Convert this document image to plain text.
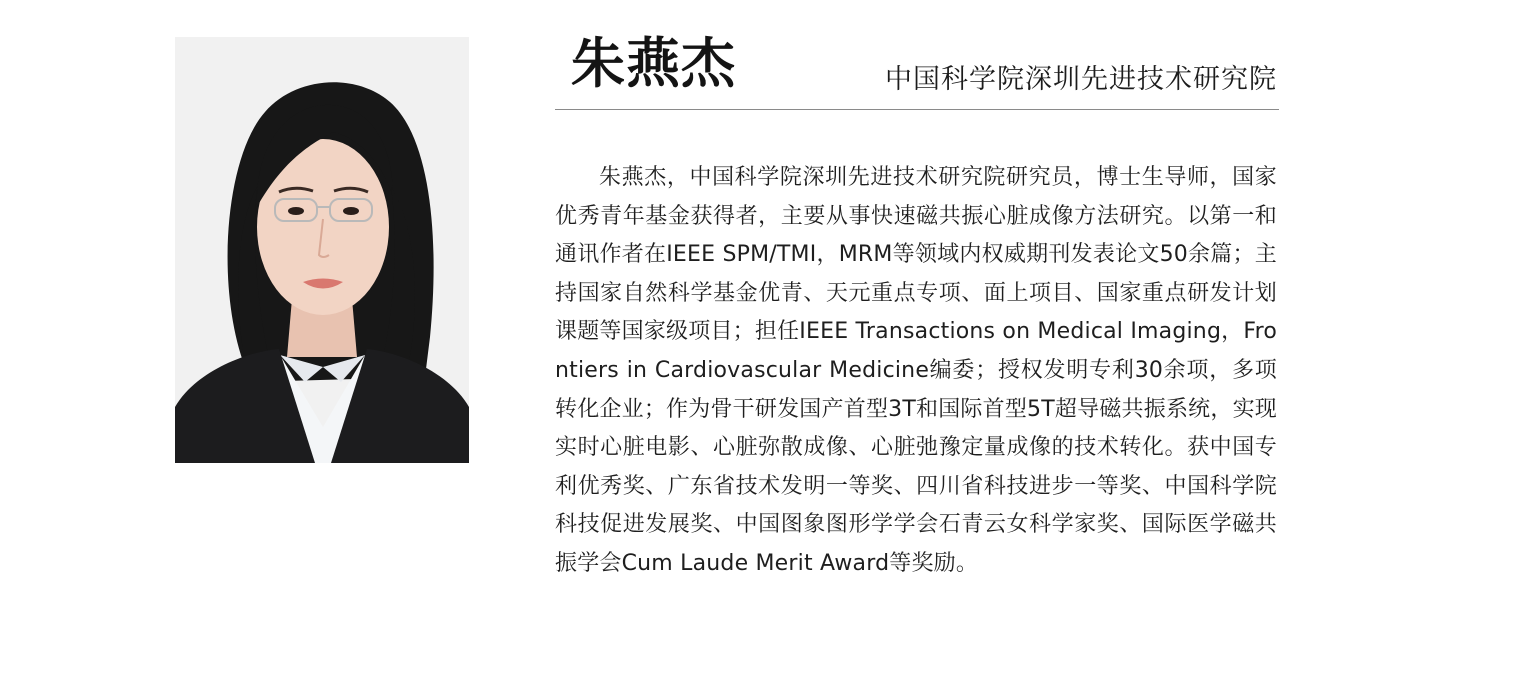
朱燕杰	中国科学院深圳先进技术研究院

朱燕杰，中国科学院深圳先进技术研究院研究员，博士生导师，国家优秀青年基金获得者，主要从事快速磁共振心脏成像方法研究。以第一和通讯作者在IEEE SPM/TMI，MRM等领域内权威期刊发表论文50余篇；主持国家自然科学基金优青、天元重点专项、面上项目、国家重点研发计划课题等国家级项目；担任IEEE Transactions on Medical Imaging，Frontiers in Cardiovascular Medicine编委；授权发明专利30余项，多项转化企业；作为骨干研发国产首型3T和国际首型5T超导磁共振系统，实现实时心脏电影、心脏弥散成像、心脏弛豫定量成像的技术转化。获中国专利优秀奖、广东省技术发明一等奖、四川省科技进步一等奖、中国科学院科技促进发展奖、中国图象图形学学会石青云女科学家奖、国际医学磁共振学会Cum Laude Merit Award等奖励。
